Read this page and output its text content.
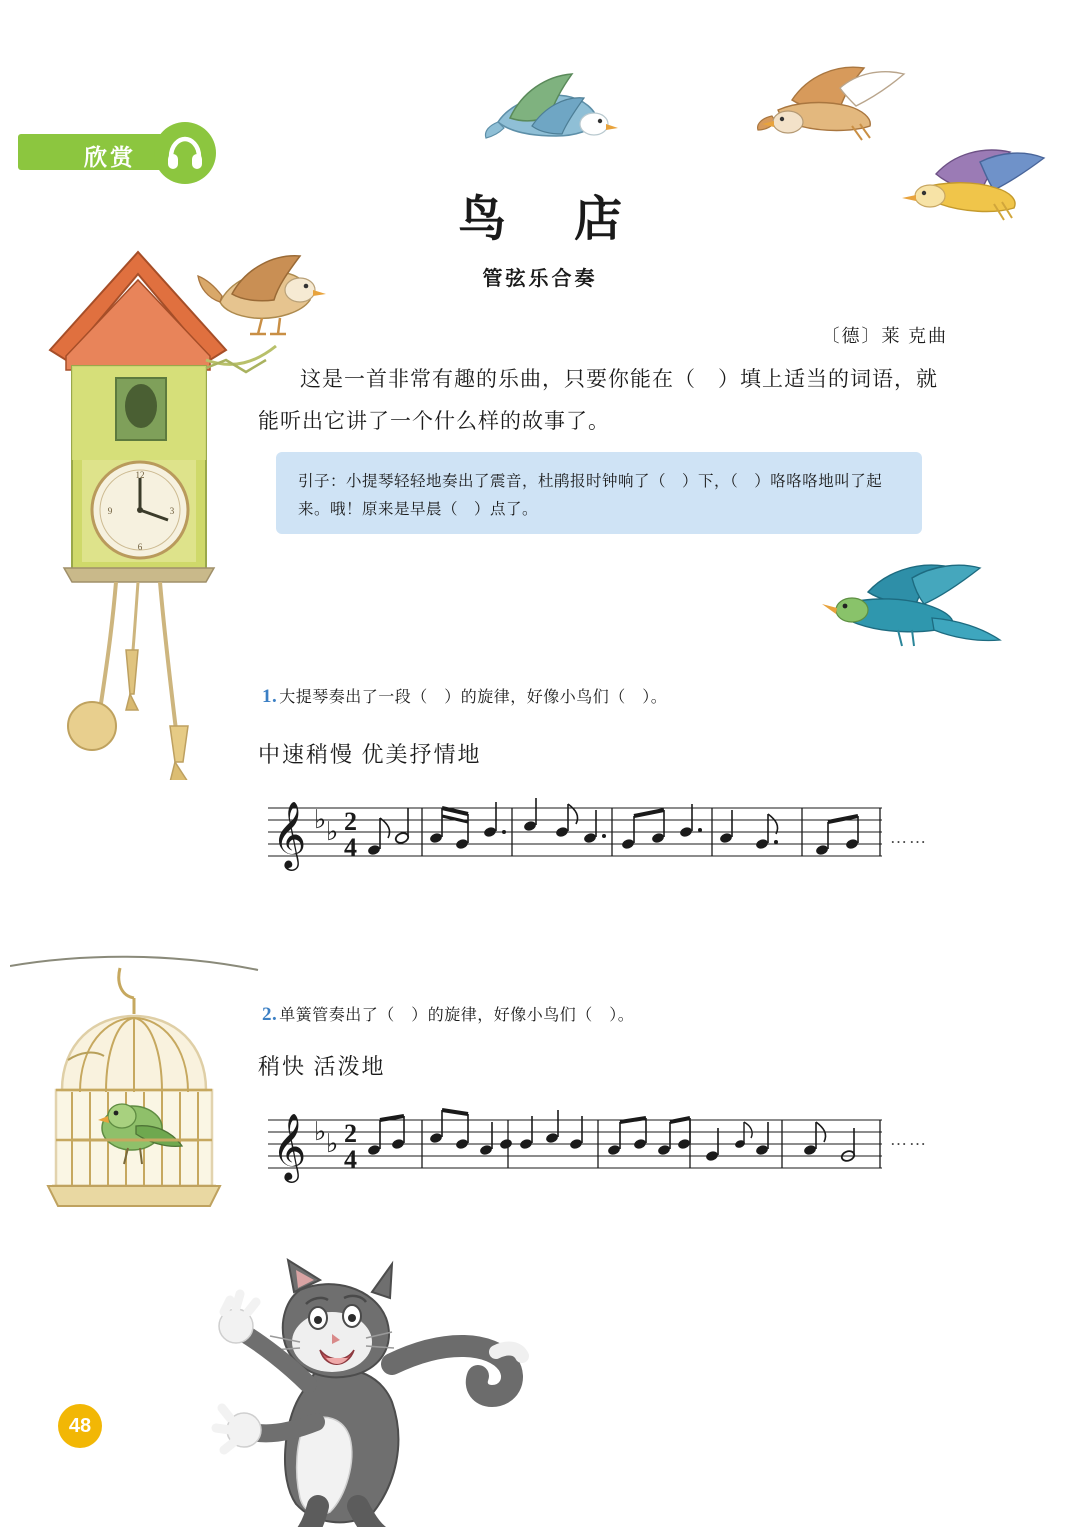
12
3
6
9
欣赏
鸟 店
管弦乐合奏
〔德〕莱 克曲
这是一首非常有趣的乐曲，只要你能在（　）填上适当的词语，就能听出它讲了一个什么样的故事了。

引子：小提琴轻轻地奏出了震音，杜鹃报时钟响了（　）下，（　）咯咯咯地叫了起来。哦！原来是早晨（　）点了。

1. 大提琴奏出了一段（　）的旋律，好像小鸟们（　）。
中速稍慢 优美抒情地
𝄞 ♭ ♭ 2
4	……
2. 单簧管奏出了（　）的旋律，好像小鸟们（　）。
稍快 活泼地
𝄞 ♭ ♭ 2
4
……
48
